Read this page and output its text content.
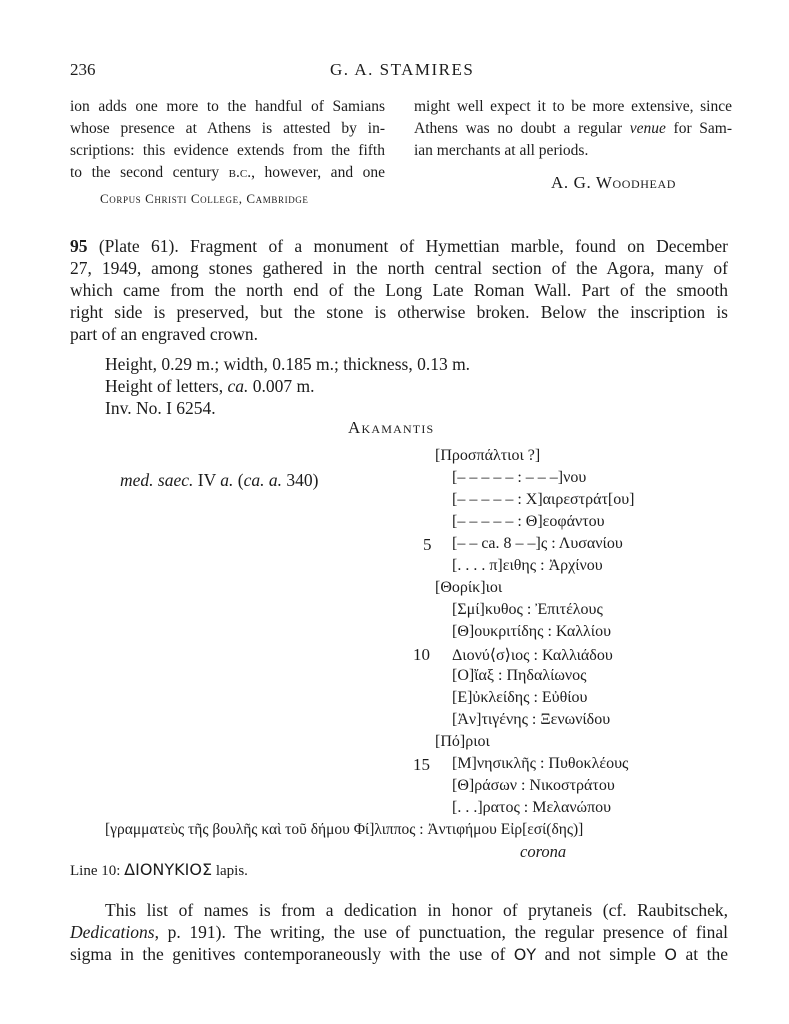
236	G. A. STAMIRES
ion adds one more to the handful of Samians
whose presence at Athens is attested by in-
scriptions: this evidence extends from the fifth
to the second century b.c., however, and one
might well expect it to be more extensive, since
Athens was no doubt a regular venue for Sam-
ian merchants at all periods.
A. G. Woodhead
Corpus Christi College, Cambridge
95 (Plate 61). Fragment of a monument of Hymettian marble, found on December
27, 1949, among stones gathered in the north central section of the Agora, many of
which came from the north end of the Long Late Roman Wall. Part of the smooth
right side is preserved, but the stone is otherwise broken. Below the inscription is
part of an engraved crown.
Height, 0.29 m.; width, 0.185 m.; thickness, 0.13 m.
Height of letters, ca. 0.007 m.
Inv. No. I 6254.
Akamantis
med. saec. IV a. (ca. a. 340)
[Προσπάλτιοι ?]
[– – – – – : – – –]νου
[– – – – – : Χ]αιρεστράτ[ου]
[– – – – – : Θ]εοφάντου
5 [– – ca. 8 – –]ς : Λυσανίου
[. . . . π]ειθης : Ἀρχίνου
[Θορίκ]ιοι
[Σμί]κυθος : Ἐπιτέλους
[Θ]ουκριτίδης : Καλλίου
10 Διονύ⟨σ⟩ιος : Καλλιάδου
[Ο]ἴαξ : Πηδαλίωνος
[Ε]ὐκλείδης : Εὐθίου
[Ἀν]τιγένης : Ξενωνίδου
[Πό]ριοι
15 [Μ]νησικλῆς : Πυθοκλέους
[Θ]ράσων : Νικοστράτου
[. . .]ρατος : Μελανώπου
[γραμματεὺς τῆς βουλῆς καὶ τοῦ δήμου Φί]λιππος : Ἀντιφήμου Εἰρ[εσί(δης)]
corona
Line 10: ΔΙΟΝΥΚΙΟΣ lapis.
This list of names is from a dedication in honor of prytaneis (cf. Raubitschek,
Dedications, p. 191). The writing, the use of punctuation, the regular presence of final
sigma in the genitives contemporaneously with the use of ΟΥ and not simple Ο at the
